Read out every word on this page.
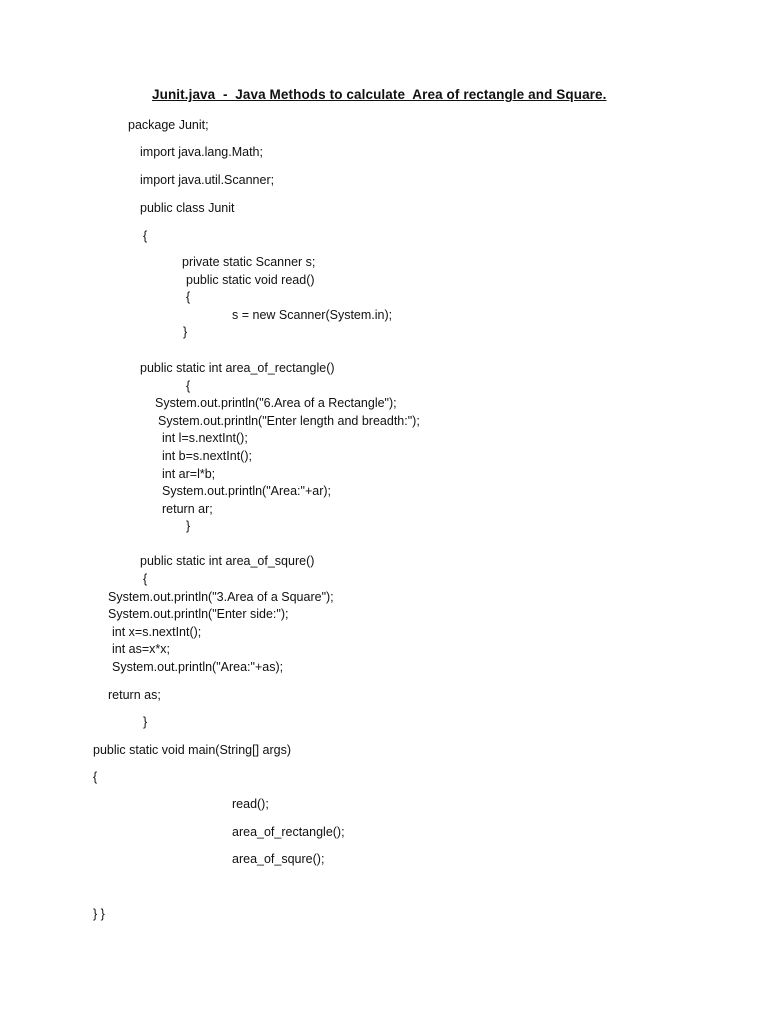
Junit.java  -  Java Methods to calculate  Area of rectangle and Square.
package Junit;
import java.lang.Math;
import java.util.Scanner;
public class Junit
{
private static Scanner s;
public static void read()
{
s = new Scanner(System.in);
}
public static int area_of_rectangle()
{
System.out.println("6.Area of a Rectangle");
System.out.println("Enter length and breadth:");
int l=s.nextInt();
int b=s.nextInt();
int ar=l*b;
System.out.println("Area:"+ar);
return ar;
}
public static int area_of_squre()
{
System.out.println("3.Area of a Square");
System.out.println("Enter side:");
int x=s.nextInt();
int as=x*x;
System.out.println("Area:"+as);
return as;
}
public static void main(String[] args)
{
read();
area_of_rectangle();
area_of_squre();
} }
